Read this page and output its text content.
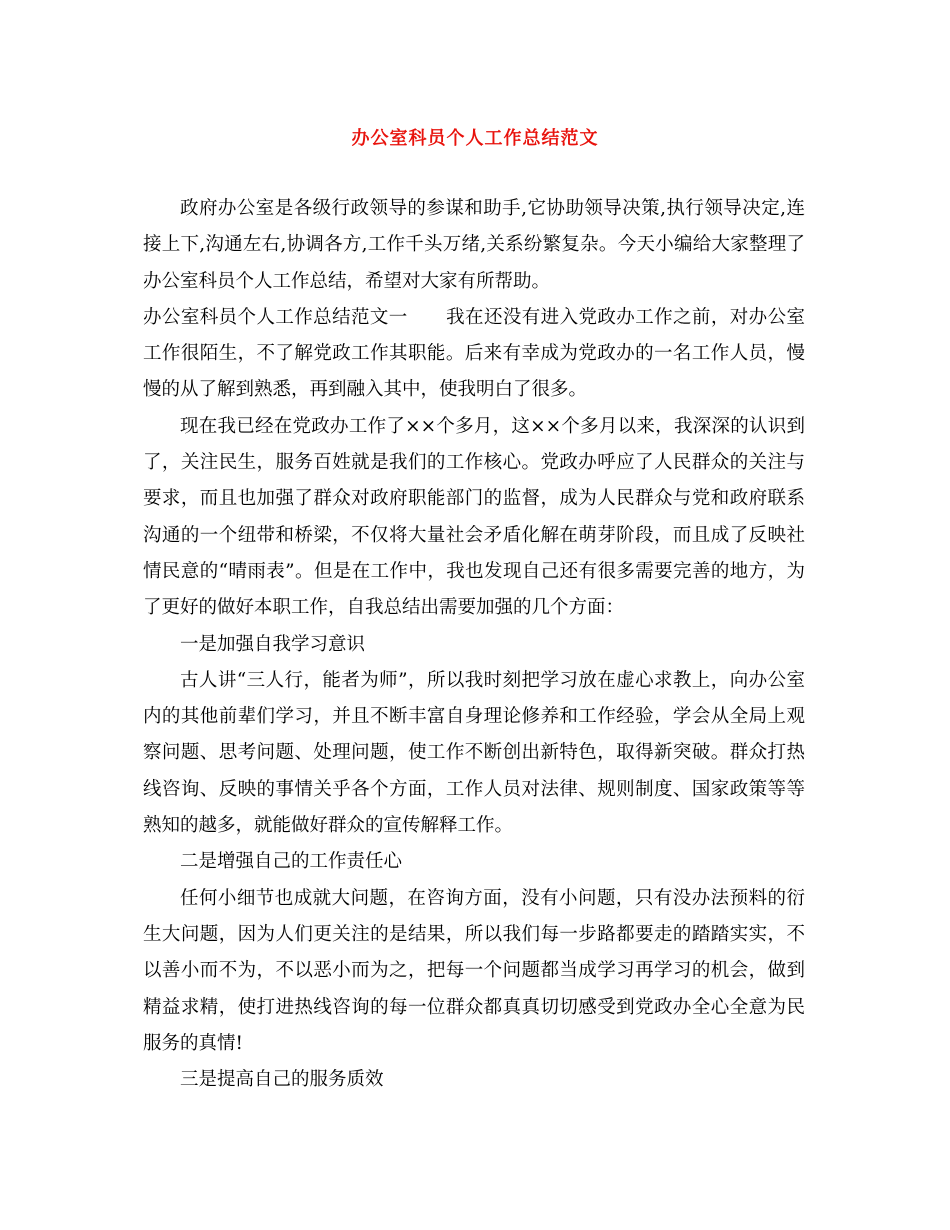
办公室科员个人工作总结范文

政府办公室是各级行政领导的参谋和助手,它协助领导决策,执行领导决定,连接上下,沟通左右,协调各方,工作千头万绪,关系纷繁复杂。今天小编给大家整理了办公室科员个人工作总结，希望对大家有所帮助。

办公室科员个人工作总结范文一 我在还没有进入党政办工作之前，对办公室工作很陌生，不了解党政工作其职能。后来有幸成为党政办的一名工作人员，慢慢的从了解到熟悉，再到融入其中，使我明白了很多。

现在我已经在党政办工作了××个多月，这××个多月以来，我深深的认识到了，关注民生，服务百姓就是我们的工作核心。党政办呼应了人民群众的关注与要求，而且也加强了群众对政府职能部门的监督，成为人民群众与党和政府联系沟通的一个纽带和桥梁，不仅将大量社会矛盾化解在萌芽阶段，而且成了反映社情民意的“晴雨表”。但是在工作中，我也发现自己还有很多需要完善的地方，为了更好的做好本职工作，自我总结出需要加强的几个方面：

一是加强自我学习意识

古人讲“三人行，能者为师”，所以我时刻把学习放在虚心求教上，向办公室内的其他前辈们学习，并且不断丰富自身理论修养和工作经验，学会从全局上观察问题、思考问题、处理问题，使工作不断创出新特色，取得新突破。群众打热线咨询、反映的事情关乎各个方面，工作人员对法律、规则制度、国家政策等等熟知的越多，就能做好群众的宣传解释工作。

二是增强自己的工作责任心

任何小细节也成就大问题，在咨询方面，没有小问题，只有没办法预料的衍生大问题，因为人们更关注的是结果，所以我们每一步路都要走的踏踏实实，不以善小而不为，不以恶小而为之，把每一个问题都当成学习再学习的机会，做到精益求精，使打进热线咨询的每一位群众都真真切切感受到党政办全心全意为民服务的真情!

三是提高自己的服务质效
